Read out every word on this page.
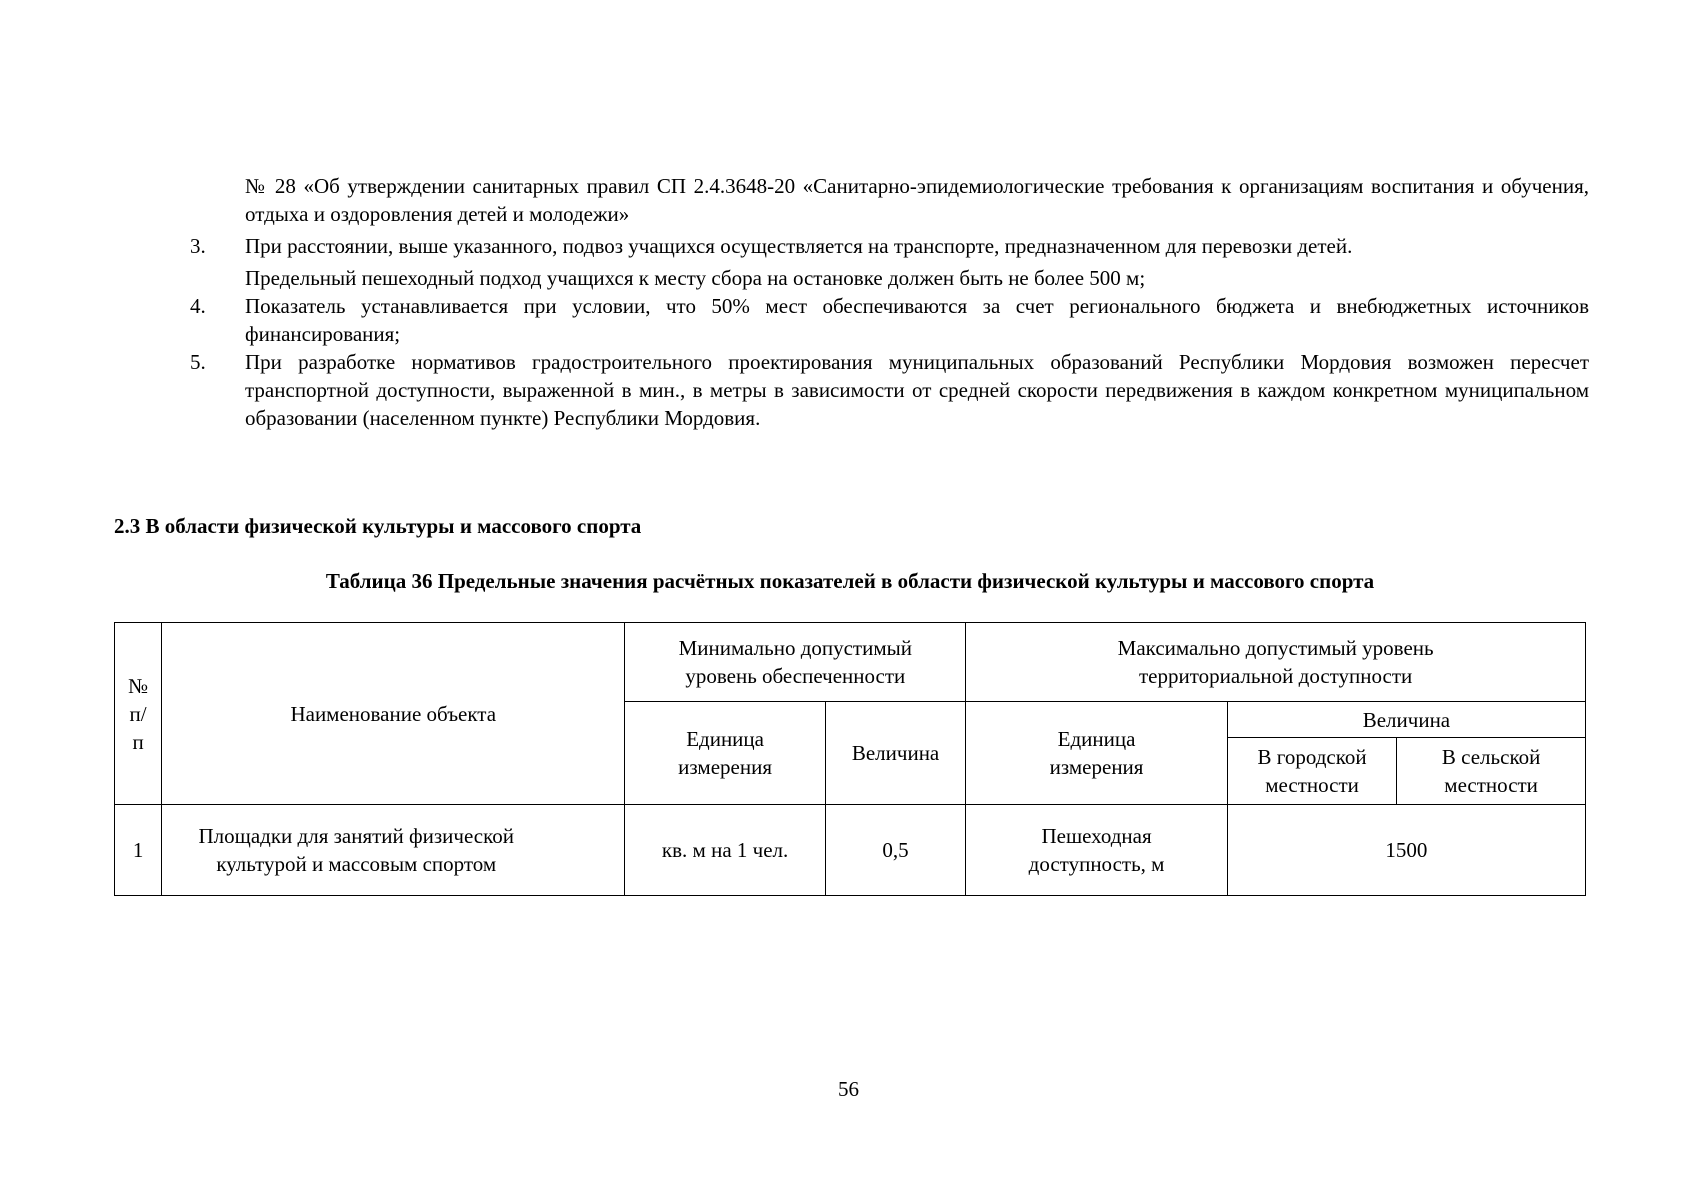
№ 28 «Об утверждении санитарных правил СП 2.4.3648-20 «Санитарно-эпидемиологические требования к организациям воспитания и обучения, отдыха и оздоровления детей и молодежи»
3.	При расстоянии, выше указанного, подвоз учащихся осуществляется на транспорте, предназначенном для перевозки детей.
Предельный пешеходный подход учащихся к месту сбора на остановке должен быть не более 500 м;
4.	Показатель устанавливается при условии, что 50% мест обеспечиваются за счет регионального бюджета и внебюджетных источников финансирования;
5.	При разработке нормативов градостроительного проектирования муниципальных образований Республики Мордовия возможен пересчет транспортной доступности, выраженной в мин., в метры в зависимости от средней скорости передвижения в каждом конкретном муниципальном образовании (населенном пункте) Республики Мордовия.
2.3 В области физической культуры и массового спорта
Таблица 36 Предельные значения расчётных показателей в области физической культуры и массового спорта
№ п/п	Наименование объекта	Минимально допустимый уровень обеспеченности		Максимально допустимый уровень территориальной доступности		
		Единица измерения	Величина	Единица измерения	Величина	
					В городской местности	В сельской местности
1	Площадки для занятий физической культурой и массовым спортом	кв. м на 1 чел.	0,5	Пешеходная доступность, м	1500	
56
